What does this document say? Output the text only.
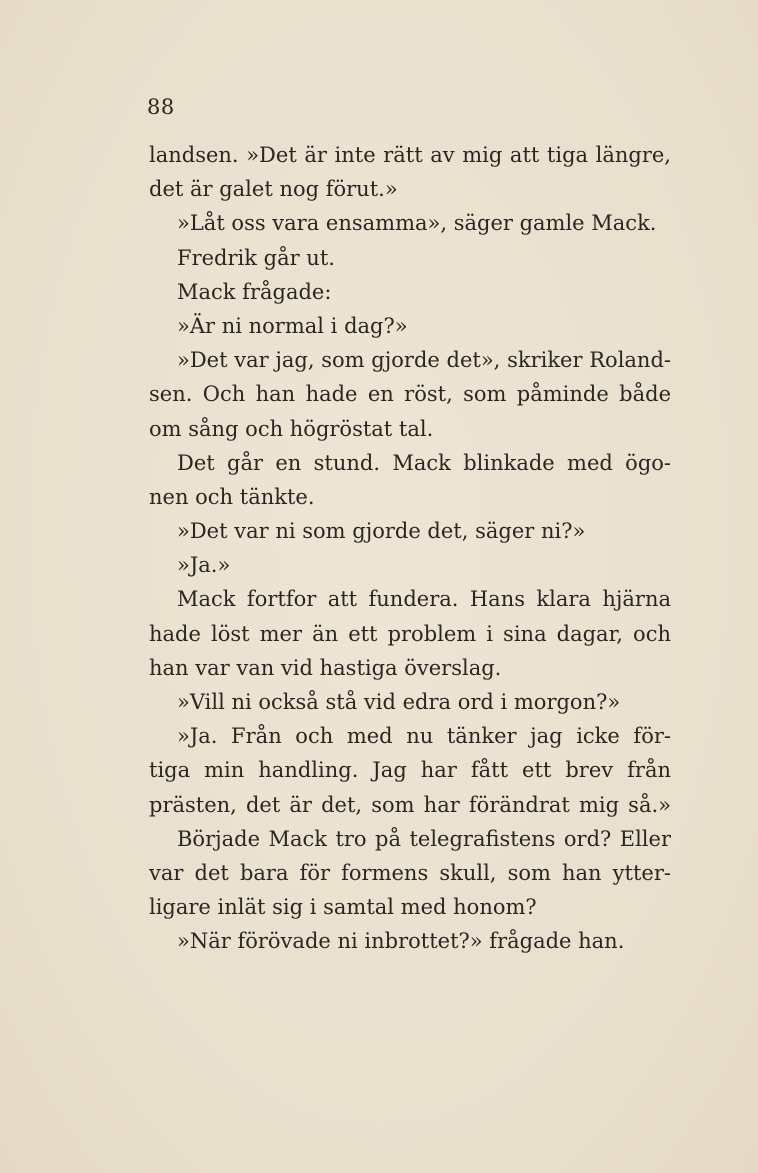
88
landsen. »Det är inte rätt av mig att tiga längre,
det är galet nog förut.»
»Låt oss vara ensamma», säger gamle Mack.
Fredrik går ut.
Mack frågade:
»Är ni normal i dag?»
»Det var jag, som gjorde det», skriker Roland-
sen. Och han hade en röst, som påminde både
om sång och högröstat tal.
Det går en stund. Mack blinkade med ögo-
nen och tänkte.
»Det var ni som gjorde det, säger ni?»
»Ja.»
Mack fortfor att fundera. Hans klara hjärna
hade löst mer än ett problem i sina dagar, och
han var van vid hastiga överslag.
»Vill ni också stå vid edra ord i morgon?»
»Ja. Från och med nu tänker jag icke för-
tiga min handling. Jag har fått ett brev från
prästen, det är det, som har förändrat mig så.»
Började Mack tro på telegrafistens ord? Eller
var det bara för formens skull, som han ytter-
ligare inlät sig i samtal med honom?
»När förövade ni inbrottet?» frågade han.
